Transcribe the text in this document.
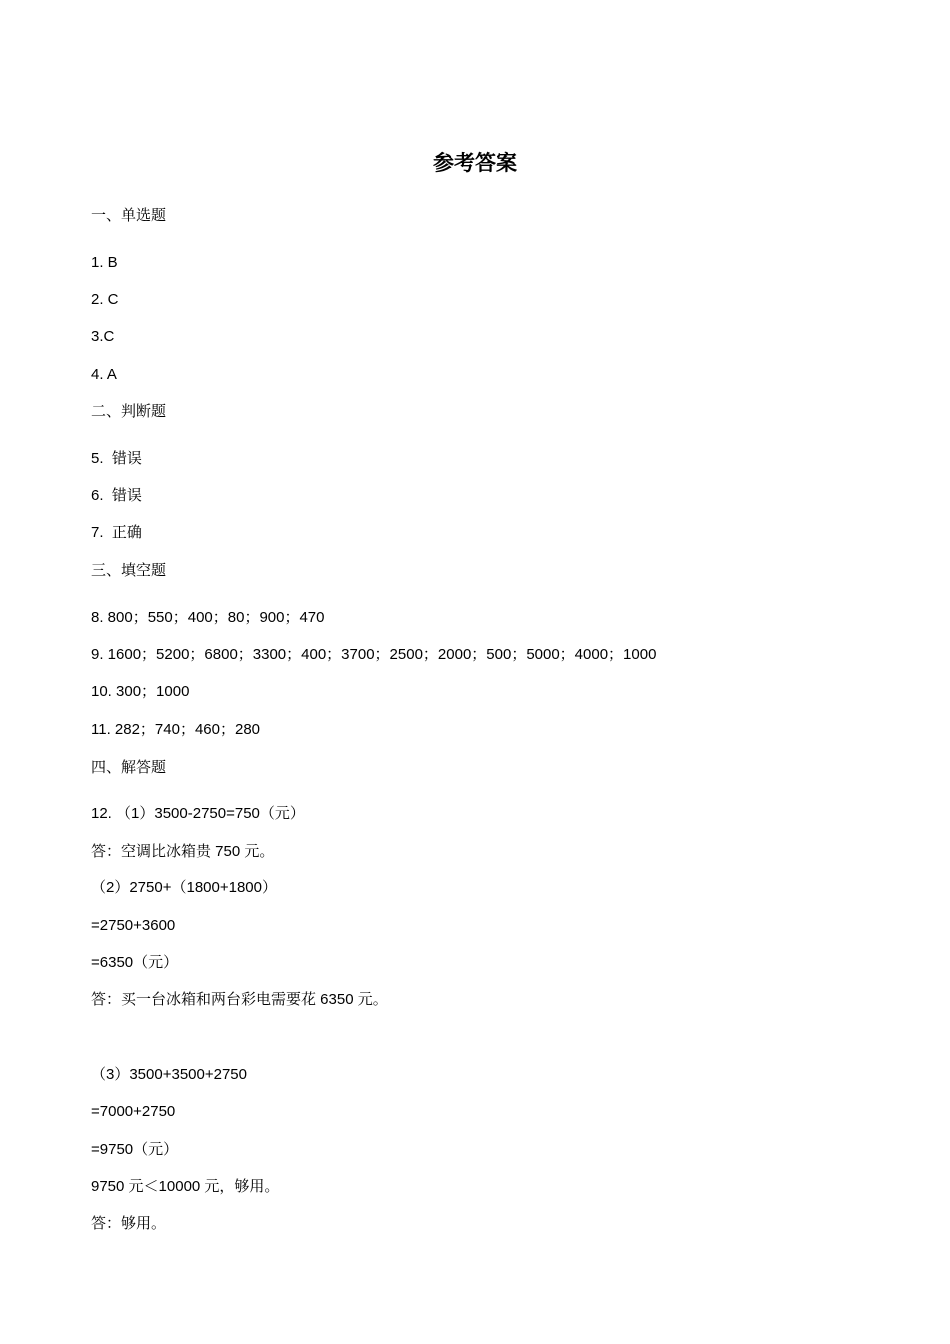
参考答案
一、单选题
1. B
2. C
3.C
4. A
二、判断题
5.  错误
6.  错误
7.  正确
三、填空题
8. 800；550；400；80；900；470
9. 1600；5200；6800；3300；400；3700；2500；2000；500；5000；4000；1000
10. 300；1000
11. 282；740；460；280
四、解答题
12. （1）3500-2750=750（元）
答：空调比冰箱贵 750 元。
（2）2750+（1800+1800）
=2750+3600
=6350（元）
答：买一台冰箱和两台彩电需要花 6350 元。
（3）3500+3500+2750
=7000+2750
=9750（元）
9750 元＜10000 元，够用。
答：够用。
